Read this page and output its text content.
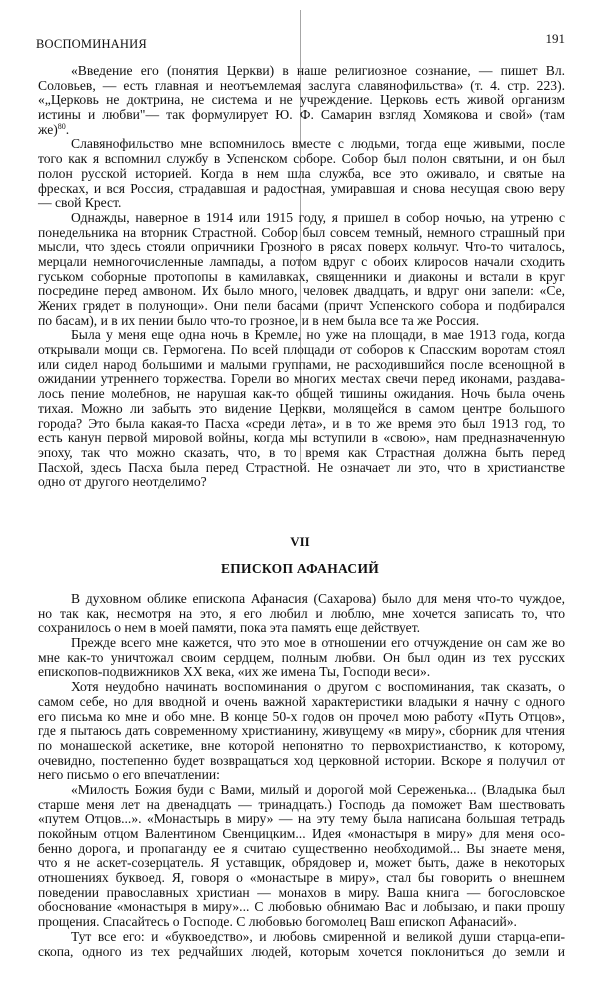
ВОСПОМИНАНИЯ	191
«Введение его (понятия Церкви) в наше религиозное сознание, — пишет Вл.
Соловьев, — есть главная и неотъемлемая заслуга славянофильства» (т. 4. стр. 223).
«„Церковь не доктрина, не система и не учреждение. Церковь есть живой организм
истины и любви"— так формулирует Ю. Ф. Самарин взгляд Хомякова и свой» (там
же)$^{80}$.
Славянофильство мне вспомнилось вместе с людьми, тогда еще живыми, после
того как я вспомнил службу в Успенском соборе. Собор был полон святыни, и он был
полон русской историей. Когда в нем шла служба, все это оживало, и святые на
фресках, и вся Россия, страдавшая и радостная, умиравшая и снова несущая свою веру
— свой Крест.
Однажды, наверное в 1914 или 1915 году, я пришел в собор ночью, на утреню с
понедельника на вторник Страстной. Собор был совсем темный, немного страшный при
мысли, что здесь стояли опричники Грозного в рясах поверх кольчуг. Что-то читалось,
мерцали немногочисленные лампады, а потом вдруг с обоих клиросов начали сходить
гуськом соборные протопопы в камилавках, священники и диаконы и встали в круг
посредине перед амвоном. Их было много, человек двадцать, и вдруг они запели: «Се,
Жених грядет в полунощи». Они пели басами (причт Успенского собора и подбирался
по басам), и в их пении было что-то грозное, и в нем была все та же Россия.
Была у меня еще одна ночь в Кремле, но уже на площади, в мае 1913 года, когда
открывали мощи св. Гермогена. По всей площади от соборов к Спасским воротам стоял
или сидел народ большими и малыми группами, не расходившийся после всенощной в
ожидании утреннего торжества. Горели во многих местах свечи перед иконами, раздава-
лось пение молебнов, не нарушая как-то общей тишины ожидания. Ночь была очень
тихая. Можно ли забыть это видение Церкви, молящейся в самом центре большого
города? Это была какая-то Пасха «среди лета», и в то же время это был 1913 год, то
есть канун первой мировой войны, когда мы вступили в «свою», нам предназначенную
эпоху, так что можно сказать, что, в то время как Страстная должна быть перед
Пасхой, здесь Пасха была перед Страстной. Не означает ли это, что в христианстве
одно от другого неотделимо?
VII
ЕПИСКОП АФАНАСИЙ
В духовном облике епископа Афанасия (Сахарова) было для меня что-то чуждое,
но так как, несмотря на это, я его любил и люблю, мне хочется записать то, что
сохранилось о нем в моей памяти, пока эта память еще действует.
Прежде всего мне кажется, что это мое в отношении его отчуждение он сам же во
мне как-то уничтожал своим сердцем, полным любви. Он был один из тех русских
епископов-подвижников XX века, «их же имена Ты, Господи веси».
Хотя неудобно начинать воспоминания о другом с воспоминания, так сказать, о
самом себе, но для вводной и очень важной характеристики владыки я начну с одного
его письма ко мне и обо мне. В конце 50-х годов он прочел мою работу «Путь Отцов»,
где я пытаюсь дать современному христианину, живущему «в миру», сборник для чтения
по монашеской аскетике, вне которой непонятно то первохристианство, к которому,
очевидно, постепенно будет возвращаться ход церковной истории. Вскоре я получил от
него письмо о его впечатлении:
«Милость Божия буди с Вами, милый и дорогой мой Сереженька... (Владыка был
старше меня лет на двенадцать — тринадцать.) Господь да поможет Вам шествовать
«путем Отцов...». «Монастырь в миру» — на эту тему была написана большая тетрадь
покойным отцом Валентином Свенцицким... Идея «монастыря в миру» для меня осо-
бенно дорога, и пропаганду ее я считаю существенно необходимой... Вы знаете меня,
что я не аскет-созерцатель. Я уставщик, обрядовер и, может быть, даже в некоторых
отношениях буквоед. Я, говоря о «монастыре в миру», стал бы говорить о внешнем
поведении православных христиан — монахов в миру. Ваша книга — богословское
обоснование «монастыря в миру»... С любовью обнимаю Вас и лобызаю, и паки прошу
прощения. Спасайтесь о Господе. С любовью богомолец Ваш епископ Афанасий».
Тут все его: и «буквоедство», и любовь смиренной и великой души старца-епи-
скопа, одного из тех редчайших людей, которым хочется поклониться до земли и
